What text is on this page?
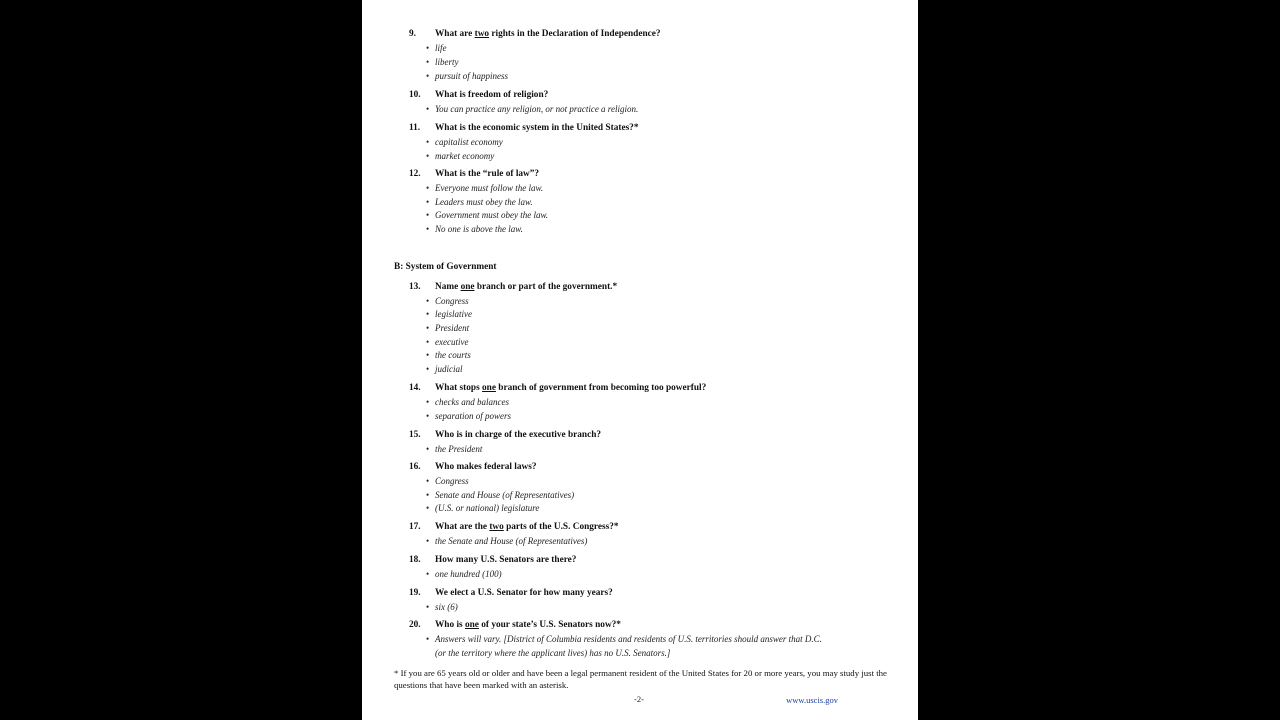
B: System of Government
* If you are 65 years old or older and have been a legal permanent resident of the United States for 20 or more years, you may study just the questions that have been marked with an asterisk.
-2-	www.uscis.gov
9. What are two rights in the Declaration of Independence?
• life
• liberty
• pursuit of happiness
10. What is freedom of religion?
• You can practice any religion, or not practice a religion.
11. What is the economic system in the United States?*
• capitalist economy
• market economy
12. What is the “rule of law”?
• Everyone must follow the law.
• Leaders must obey the law.
• Government must obey the law.
• No one is above the law.
13. Name one branch or part of the government.*
• Congress
• legislative
• President
• executive
• the courts
• judicial
14. What stops one branch of government from becoming too powerful?
• checks and balances
• separation of powers
15. Who is in charge of the executive branch?
• the President
16. Who makes federal laws?
• Congress
• Senate and House (of Representatives)
• (U.S. or national) legislature
17. What are the two parts of the U.S. Congress?*
• the Senate and House (of Representatives)
18. How many U.S. Senators are there?
• one hundred (100)
19. We elect a U.S. Senator for how many years?
• six (6)
20. Who is one of your state’s U.S. Senators now?*
• Answers will vary. [District of Columbia residents and residents of U.S. territories should answer that D.C.
(or the territory where the applicant lives) has no U.S. Senators.]
